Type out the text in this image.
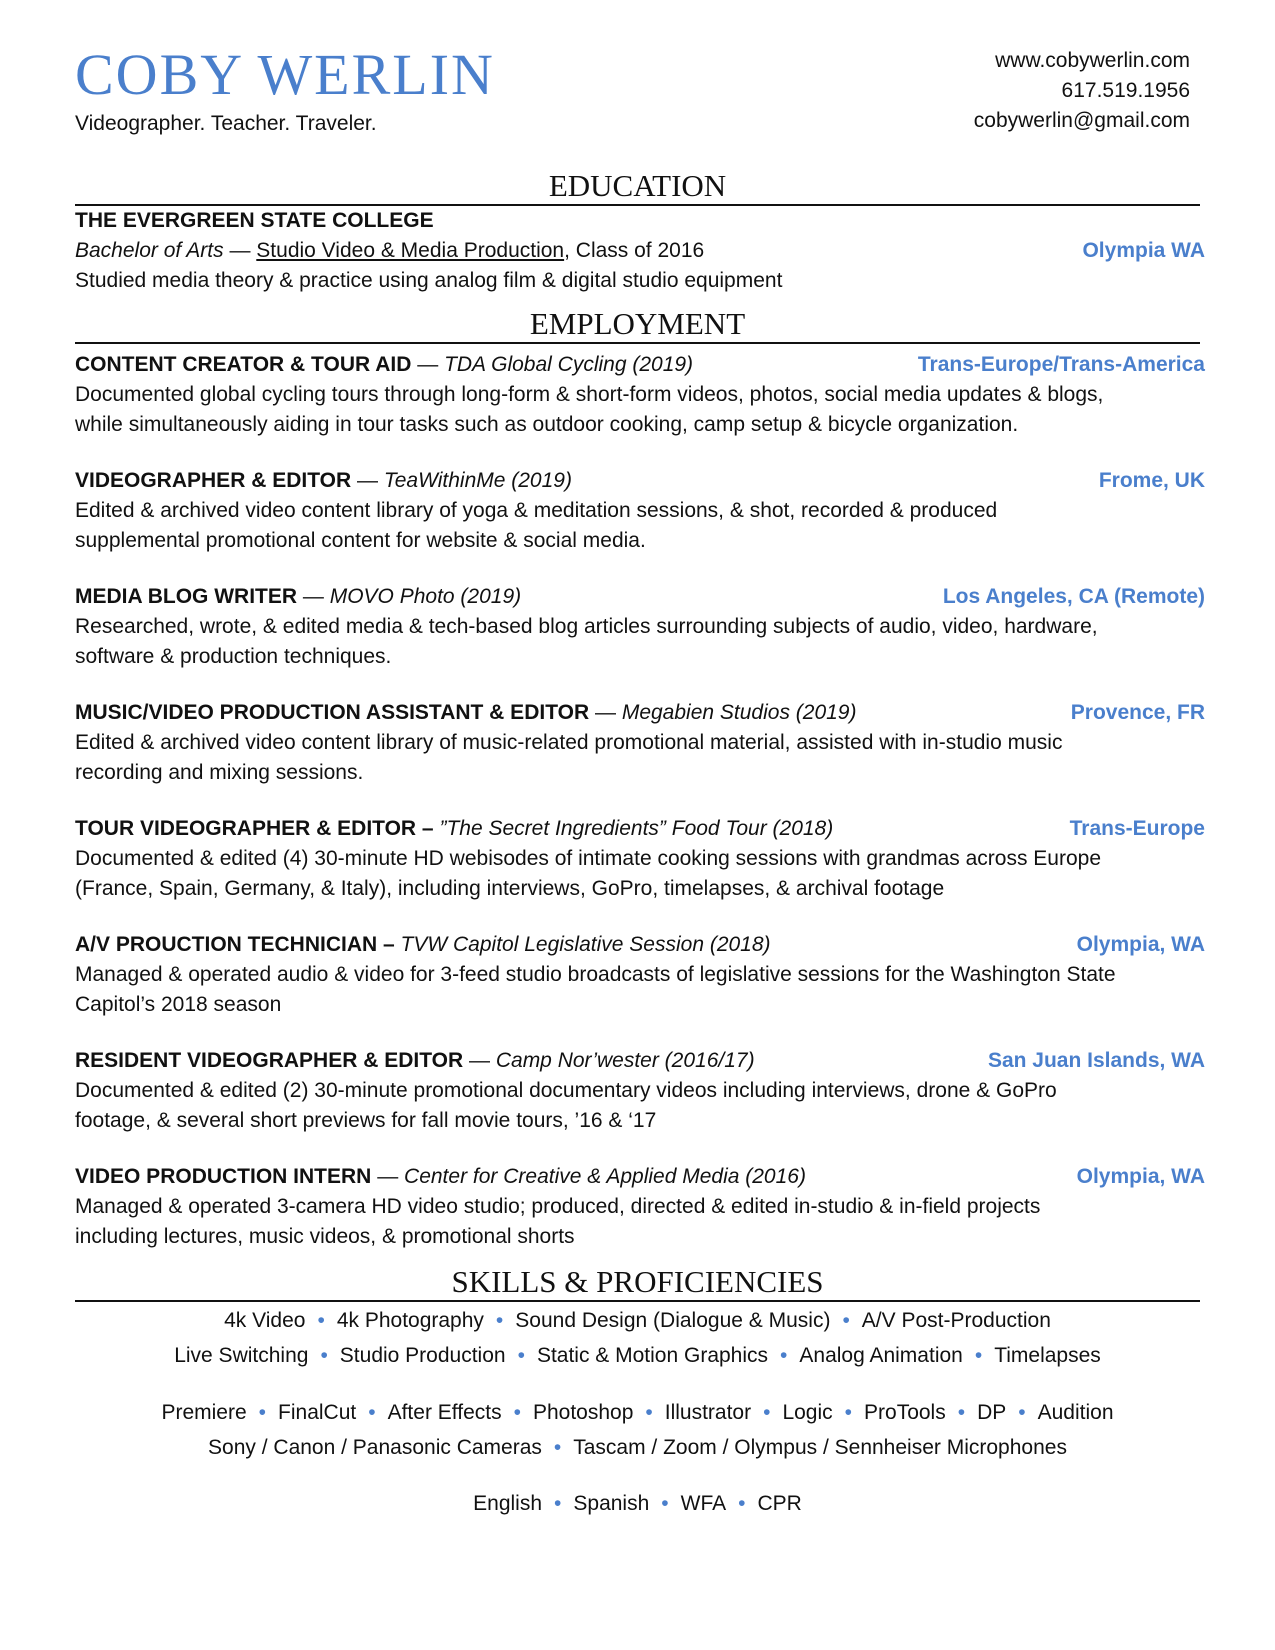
COBY WERLIN
Videographer. Teacher. Traveler.
www.cobywerlin.com
617.519.1956
cobywerlin@gmail.com
EDUCATION
THE EVERGREEN STATE COLLEGE
Bachelor of Arts — Studio Video & Media Production, Class of 2016	Olympia WA
Studied media theory & practice using analog film & digital studio equipment
EMPLOYMENT
CONTENT CREATOR & TOUR AID — TDA Global Cycling (2019)	Trans-Europe/Trans-America
Documented global cycling tours through long-form & short-form videos, photos, social media updates & blogs,
while simultaneously aiding in tour tasks such as outdoor cooking, camp setup & bicycle organization.
VIDEOGRAPHER & EDITOR — TeaWithinMe (2019)	Frome, UK
Edited & archived video content library of yoga & meditation sessions, & shot, recorded & produced
supplemental promotional content for website & social media.
MEDIA BLOG WRITER — MOVO Photo (2019)	Los Angeles, CA (Remote)
Researched, wrote, & edited media & tech-based blog articles surrounding subjects of audio, video, hardware,
software & production techniques.
MUSIC/VIDEO PRODUCTION ASSISTANT & EDITOR — Megabien Studios (2019)	Provence, FR
Edited & archived video content library of music-related promotional material, assisted with in-studio music
recording and mixing sessions.
TOUR VIDEOGRAPHER & EDITOR – ”The Secret Ingredients” Food Tour (2018)	Trans-Europe
Documented & edited (4) 30-minute HD webisodes of intimate cooking sessions with grandmas across Europe
(France, Spain, Germany, & Italy), including interviews, GoPro, timelapses, & archival footage
A/V PROUCTION TECHNICIAN – TVW Capitol Legislative Session (2018)	Olympia, WA
Managed & operated audio & video for 3-feed studio broadcasts of legislative sessions for the Washington State
Capitol’s 2018 season
RESIDENT VIDEOGRAPHER & EDITOR — Camp Nor’wester (2016/17)	San Juan Islands, WA
Documented & edited (2) 30-minute promotional documentary videos including interviews, drone & GoPro
footage, & several short previews for fall movie tours, ’16 & ‘17
VIDEO PRODUCTION INTERN — Center for Creative & Applied Media (2016)	Olympia, WA
Managed & operated 3-camera HD video studio; produced, directed & edited in-studio & in-field projects
including lectures, music videos, & promotional shorts
SKILLS & PROFICIENCIES
4k Video • 4k Photography • Sound Design (Dialogue & Music) • A/V Post-Production
Live Switching • Studio Production • Static & Motion Graphics • Analog Animation • Timelapses
Premiere • FinalCut • After Effects • Photoshop • Illustrator • Logic • ProTools • DP • Audition
Sony / Canon / Panasonic Cameras • Tascam / Zoom / Olympus / Sennheiser Microphones
English • Spanish • WFA • CPR
